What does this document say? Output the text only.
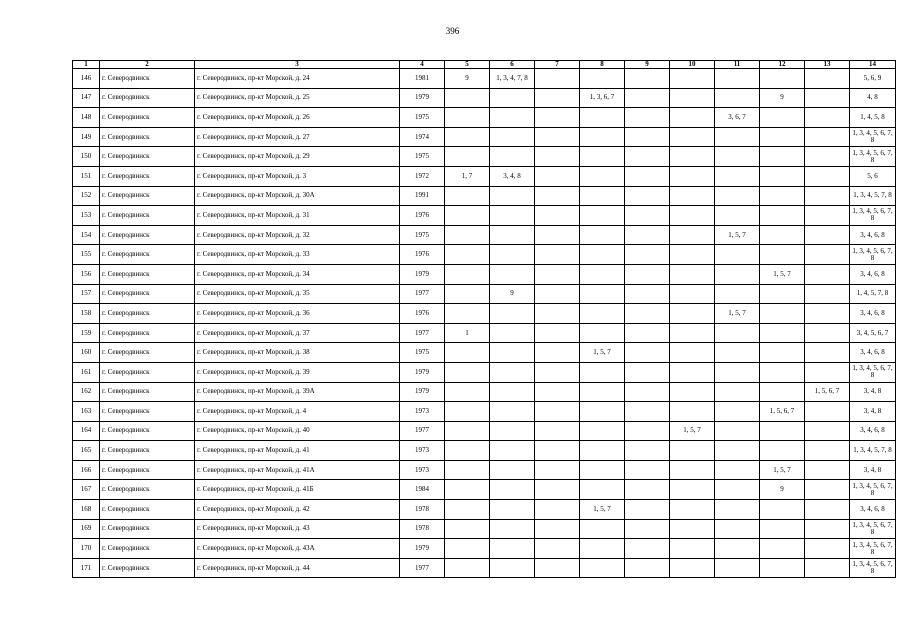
396
1	2	3	4	5	6	7	8	9	10	11	12	13	14
146	г. Северодвинск	г. Северодвинск, пр-кт Морской, д. 24	1981	9	1, 3, 4, 7, 8								5, 6, 9
147	г. Северодвинск	г. Северодвинск, пр-кт Морской, д. 25	1979				1, 3, 6, 7				9		4, 8
148	г. Северодвинск	г. Северодвинск, пр-кт Морской, д. 26	1975							3, 6, 7			1, 4, 5, 8
149	г. Северодвинск	г. Северодвинск, пр-кт Морской, д. 27	1974										1, 3, 4, 5, 6, 7, 8
150	г. Северодвинск	г. Северодвинск, пр-кт Морской, д. 29	1975										1, 3, 4, 5, 6, 7, 8
151	г. Северодвинск	г. Северодвинск, пр-кт Морской, д. 3	1972	1, 7	3, 4, 8								5, 6
152	г. Северодвинск	г. Северодвинск, пр-кт Морской, д. 30А	1991										1, 3, 4, 5, 7, 8
153	г. Северодвинск	г. Северодвинск, пр-кт Морской, д. 31	1976										1, 3, 4, 5, 6, 7, 8
154	г. Северодвинск	г. Северодвинск, пр-кт Морской, д. 32	1975							1, 5, 7			3, 4, 6, 8
155	г. Северодвинск	г. Северодвинск, пр-кт Морской, д. 33	1976										1, 3, 4, 5, 6, 7, 8
156	г. Северодвинск	г. Северодвинск, пр-кт Морской, д. 34	1979								1, 5, 7		3, 4, 6, 8
157	г. Северодвинск	г. Северодвинск, пр-кт Морской, д. 35	1977		9								1, 4, 5, 7, 8
158	г. Северодвинск	г. Северодвинск, пр-кт Морской, д. 36	1976							1, 5, 7			3, 4, 6, 8
159	г. Северодвинск	г. Северодвинск, пр-кт Морской, д. 37	1977	1									3, 4, 5, 6, 7
160	г. Северодвинск	г. Северодвинск, пр-кт Морской, д. 38	1975				1, 5, 7						3, 4, 6, 8
161	г. Северодвинск	г. Северодвинск, пр-кт Морской, д. 39	1979										1, 3, 4, 5, 6, 7, 8
162	г. Северодвинск	г. Северодвинск, пр-кт Морской, д. 39А	1979									1, 5, 6, 7	3, 4, 8
163	г. Северодвинск	г. Северодвинск, пр-кт Морской, д. 4	1973								1, 5, 6, 7		3, 4, 8
164	г. Северодвинск	г. Северодвинск, пр-кт Морской, д. 40	1977						1, 5, 7				3, 4, 6, 8
165	г. Северодвинск	г. Северодвинск, пр-кт Морской, д. 41	1973										1, 3, 4, 5, 7, 8
166	г. Северодвинск	г. Северодвинск, пр-кт Морской, д. 41А	1973								1, 5, 7		3, 4, 8
167	г. Северодвинск	г. Северодвинск, пр-кт Морской, д. 41Б	1984								9		1, 3, 4, 5, 6, 7, 8
168	г. Северодвинск	г. Северодвинск, пр-кт Морской, д. 42	1978				1, 5, 7						3, 4, 6, 8
169	г. Северодвинск	г. Северодвинск, пр-кт Морской, д. 43	1978										1, 3, 4, 5, 6, 7, 8
170	г. Северодвинск	г. Северодвинск, пр-кт Морской, д. 43А	1979										1, 3, 4, 5, 6, 7, 8
171	г. Северодвинск	г. Северодвинск, пр-кт Морской, д. 44	1977										1, 3, 4, 5, 6, 7, 8
